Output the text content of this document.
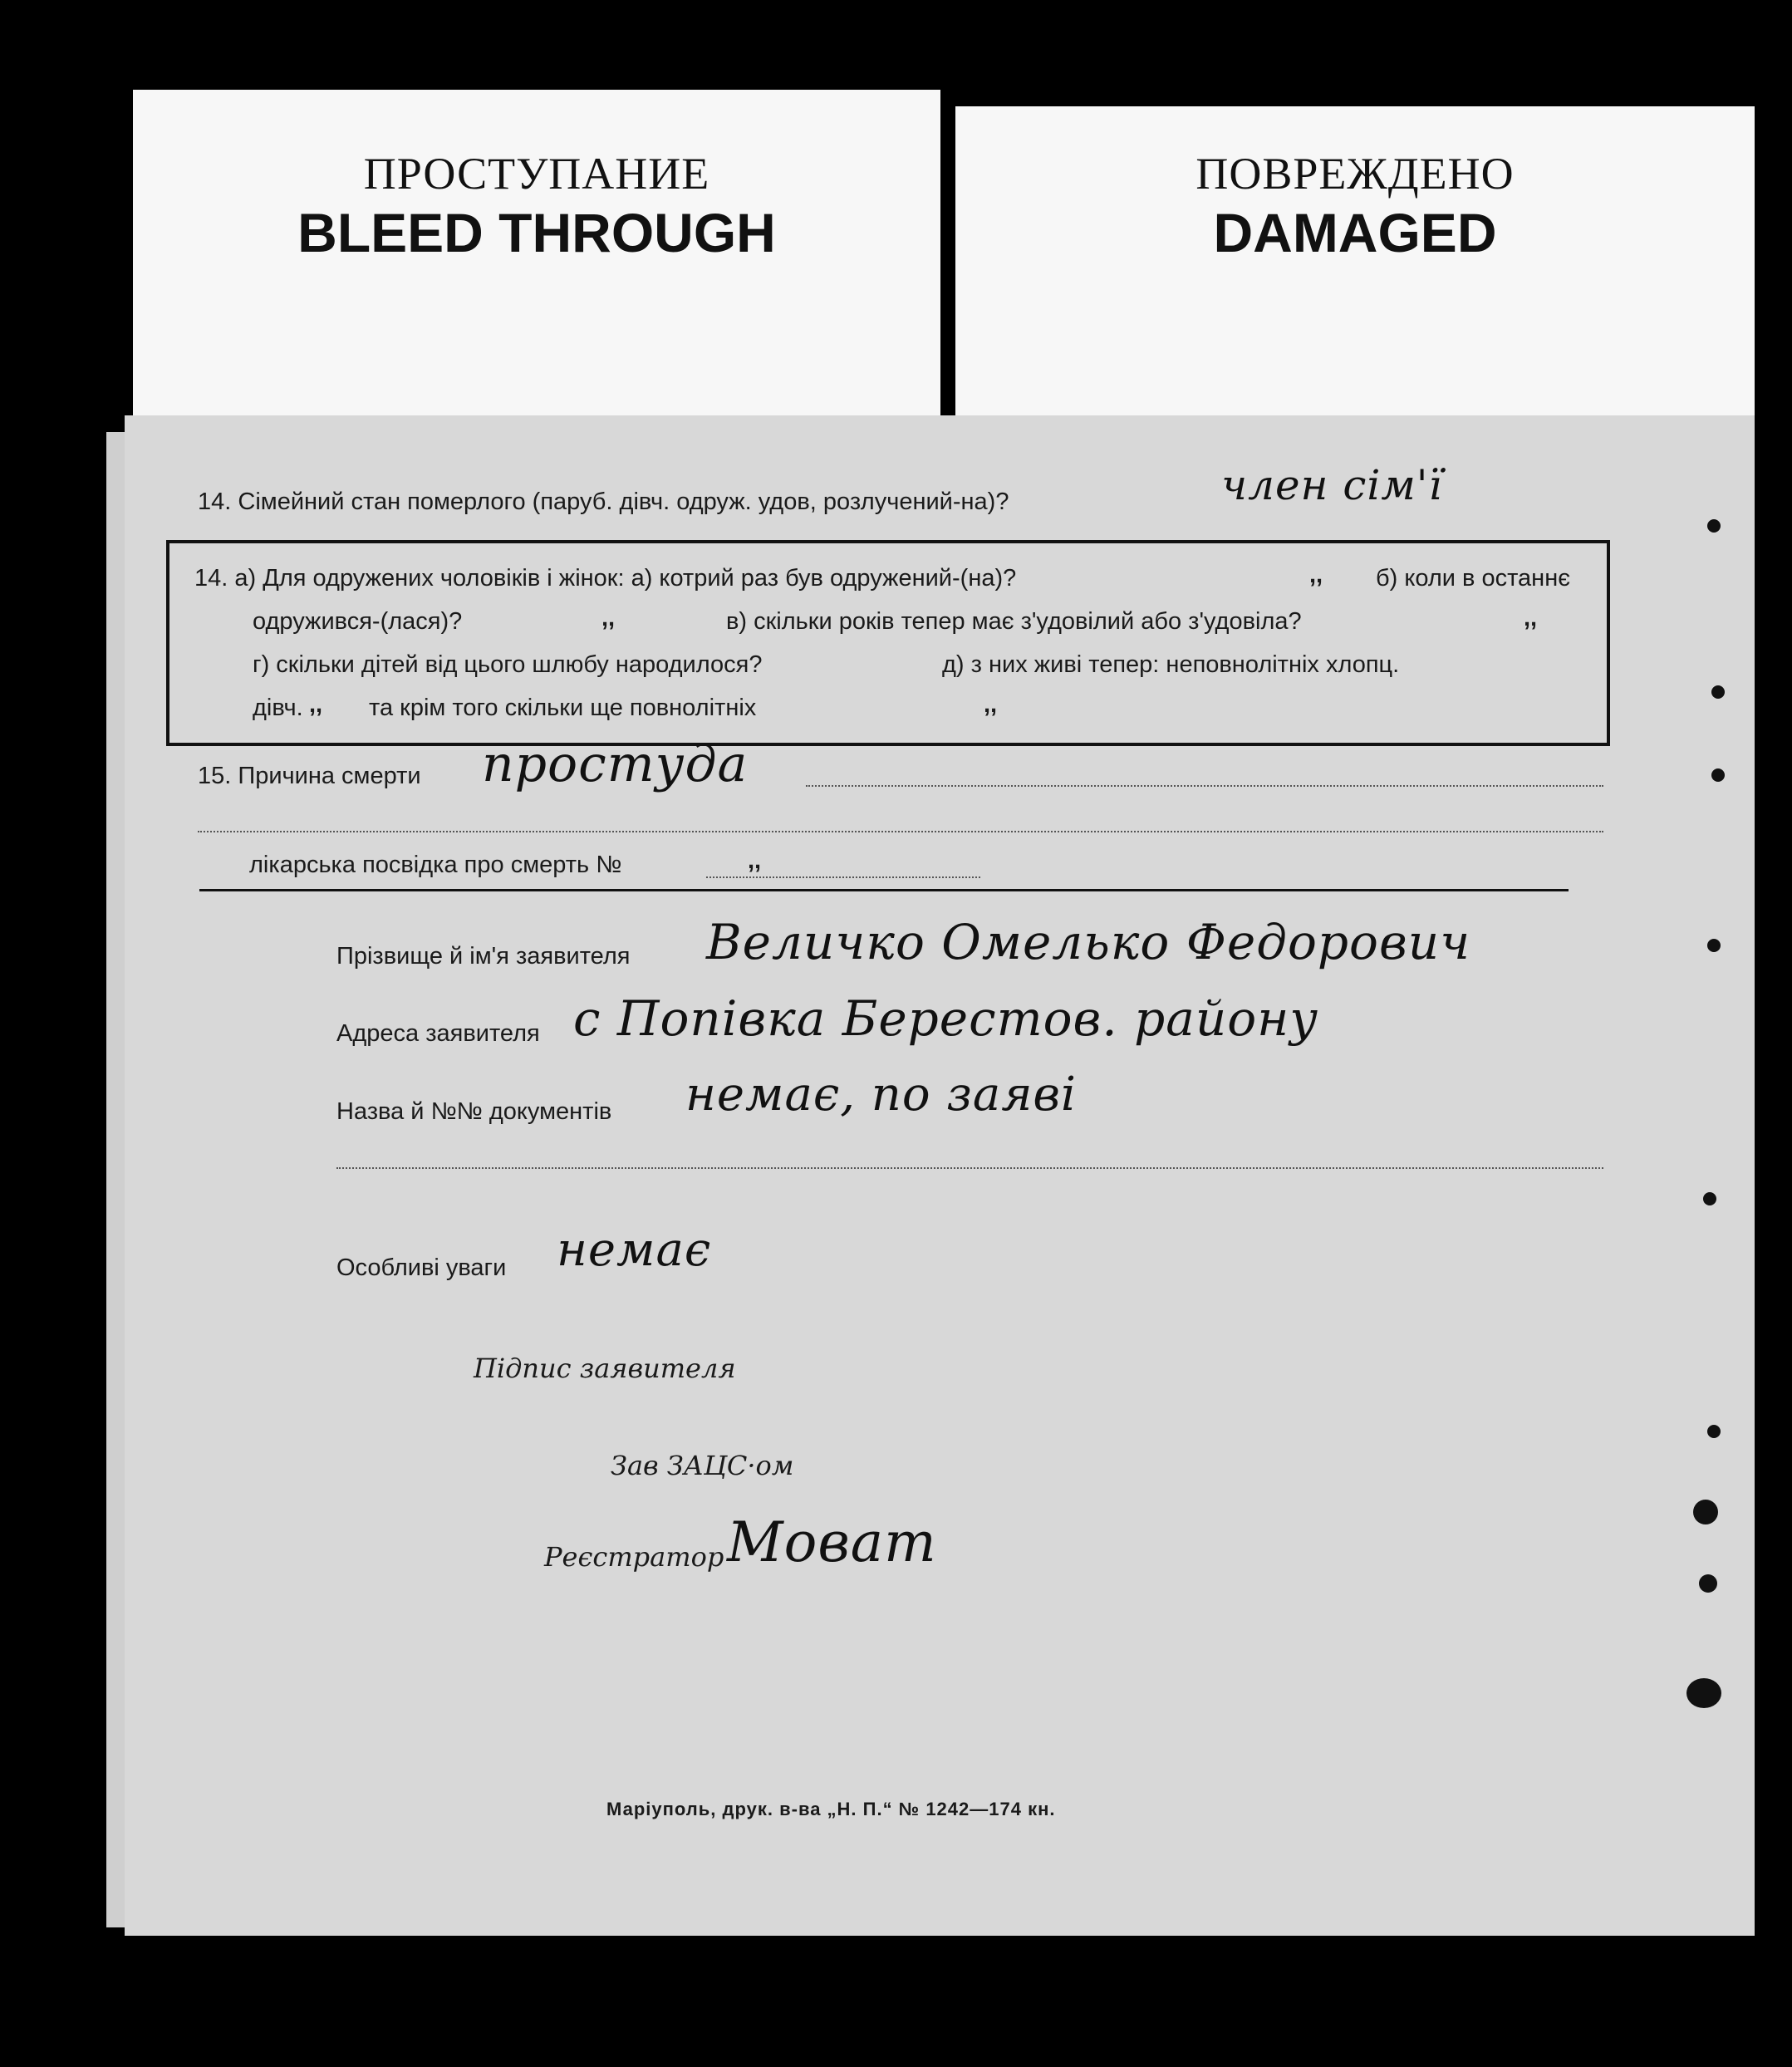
ПРОСТУПАНИЕ
BLEED THROUGH
ПОВРЕЖДЕНО
DAMAGED
14. Сімейний стан померлого (паруб. дівч. одруж. удов, розлучений-на)?	член сім'ї
14. а) Для одружених чоловіків і жінок: а) котрий раз був одружений-(на)?	,, б) коли в останнє
одружився-(лася)?	,,	в) скільки років тепер має з'удовілий або з'удовіла?	,,
г) скільки дітей від цього шлюбу народилося?	д) з них живі тепер: неповнолітніх хлопц.
дівч. ,, та крім того скільки ще повнолітніх	,,
15. Причина смерти простуда
лікарська посвідка про смерть №	,,
Прізвище й ім'я заявителя Величко Омелько Федорович
Адреса заявителя с Попівка Берестов. району
Назва й №№ документів немає, по заяві
Особливі уваги немає
Підпис заявителя
Зав ЗАЦС·ом
Реєстратор Моват
Маріуполь, друк. в-ва „Н. П.“ № 1242—174 кн.
